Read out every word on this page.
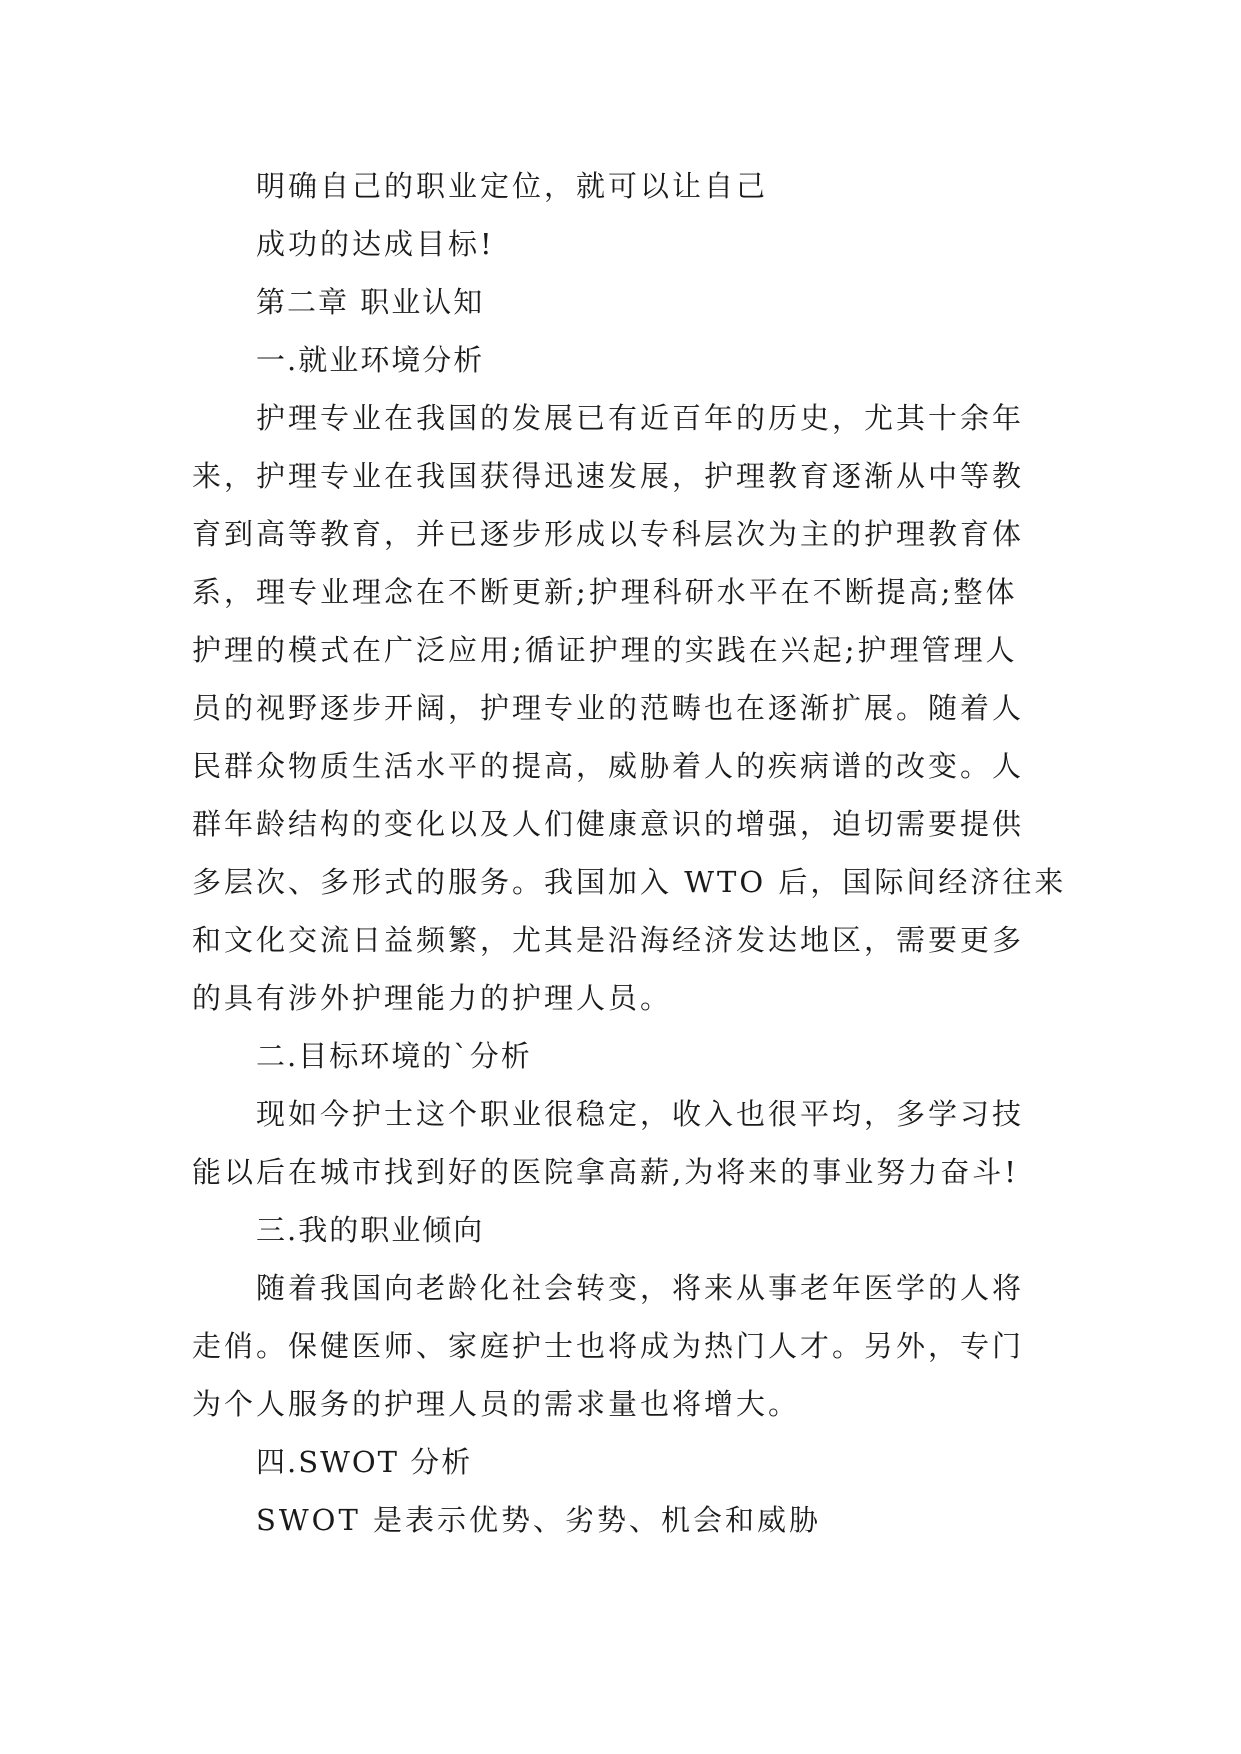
明确自己的职业定位，就可以让自己
成功的达成目标!
第二章 职业认知
一.就业环境分析
护理专业在我国的发展已有近百年的历史，尤其十余年
来，护理专业在我国获得迅速发展，护理教育逐渐从中等教
育到高等教育，并已逐步形成以专科层次为主的护理教育体
系，理专业理念在不断更新;护理科研水平在不断提高;整体
护理的模式在广泛应用;循证护理的实践在兴起;护理管理人
员的视野逐步开阔，护理专业的范畴也在逐渐扩展。随着人
民群众物质生活水平的提高，威胁着人的疾病谱的改变。人
群年龄结构的变化以及人们健康意识的增强，迫切需要提供
多层次、多形式的服务。我国加入 WTO 后，国际间经济往来
和文化交流日益频繁，尤其是沿海经济发达地区，需要更多
的具有涉外护理能力的护理人员。
二.目标环境的`分析
现如今护士这个职业很稳定，收入也很平均，多学习技
能以后在城市找到好的医院拿高薪,为将来的事业努力奋斗!
三.我的职业倾向
随着我国向老龄化社会转变，将来从事老年医学的人将
走俏。保健医师、家庭护士也将成为热门人才。另外，专门
为个人服务的护理人员的需求量也将增大。
四.SWOT 分析
SWOT 是表示优势、劣势、机会和威胁
